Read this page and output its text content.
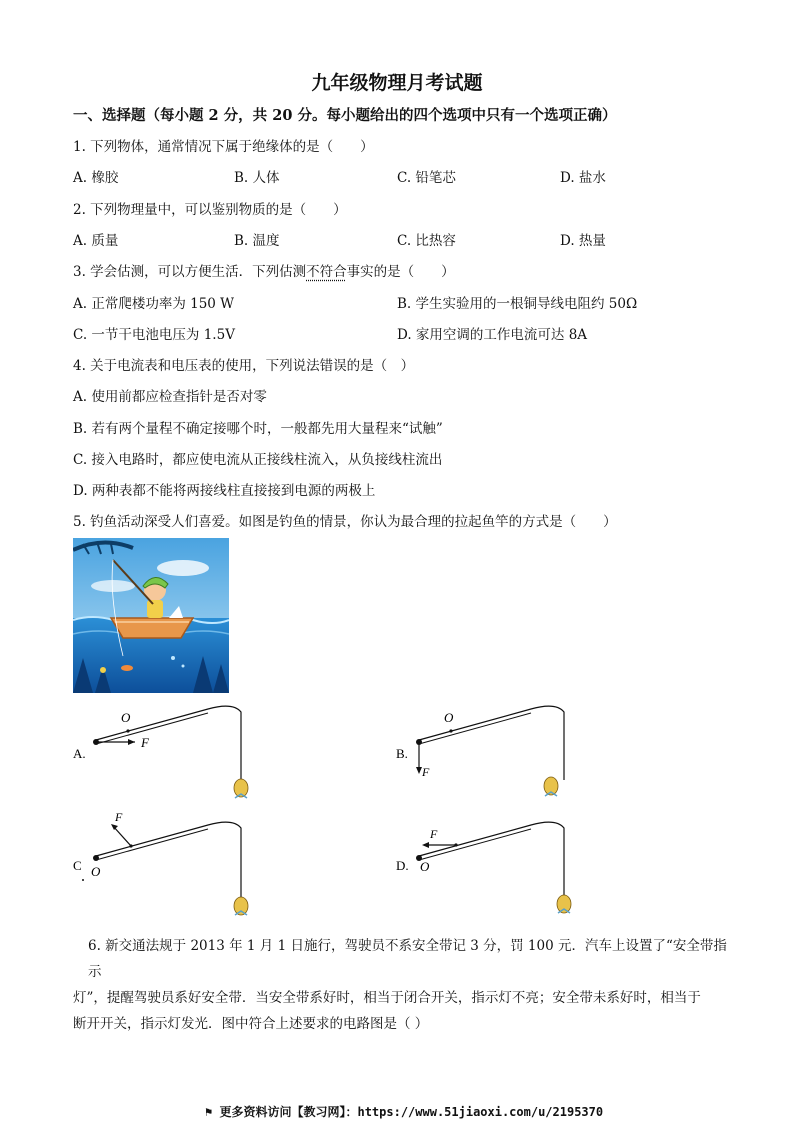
九年级物理月考试题
一、选择题（每小题 2 分，共 20 分。每小题给出的四个选项中只有一个选项正确）
1. 下列物体，通常情况下属于绝缘体的是（　　）
A. 橡胶	B. 人体	C. 铅笔芯	D. 盐水
2. 下列物理量中，可以鉴别物质的是（　　）
A. 质量	B. 温度	C. 比热容	D. 热量
3. 学会估测，可以方便生活．下列估测不符合事实的是（　　）
A. 正常爬楼功率为 150 W	B. 学生实验用的一根铜导线电阻约 50Ω
C. 一节干电池电压为 1.5V	D. 家用空调的工作电流可达 8A
4. 关于电流表和电压表的使用，下列说法错误的是（　）
A. 使用前都应检查指针是否对零
B. 若有两个量程不确定接哪个时，一般都先用大量程来“试触”
C. 接入电路时，都应使电流从正接线柱流入，从负接线柱流出
D. 两种表都不能将两接线柱直接接到电源的两极上
5. 钓鱼活动深受人们喜爱。如图是钓鱼的情景，你认为最合理的拉起鱼竿的方式是（　　）
O
F
A.
O
F
B.
F
O
C
F
O
D.
6. 新交通法规于 2013 年 1 月 1 日施行，驾驶员不系安全带记 3 分，罚 100 元．汽车上设置了“安全带指示
灯”，提醒驾驶员系好安全带．当安全带系好时，相当于闭合开关，指示灯不亮；安全带未系好时，相当于
断开开关，指示灯发光．图中符合上述要求的电路图是（ ）
⚑ 更多资料访问【教习网】：https://www.51jiaoxi.com/u/2195370
